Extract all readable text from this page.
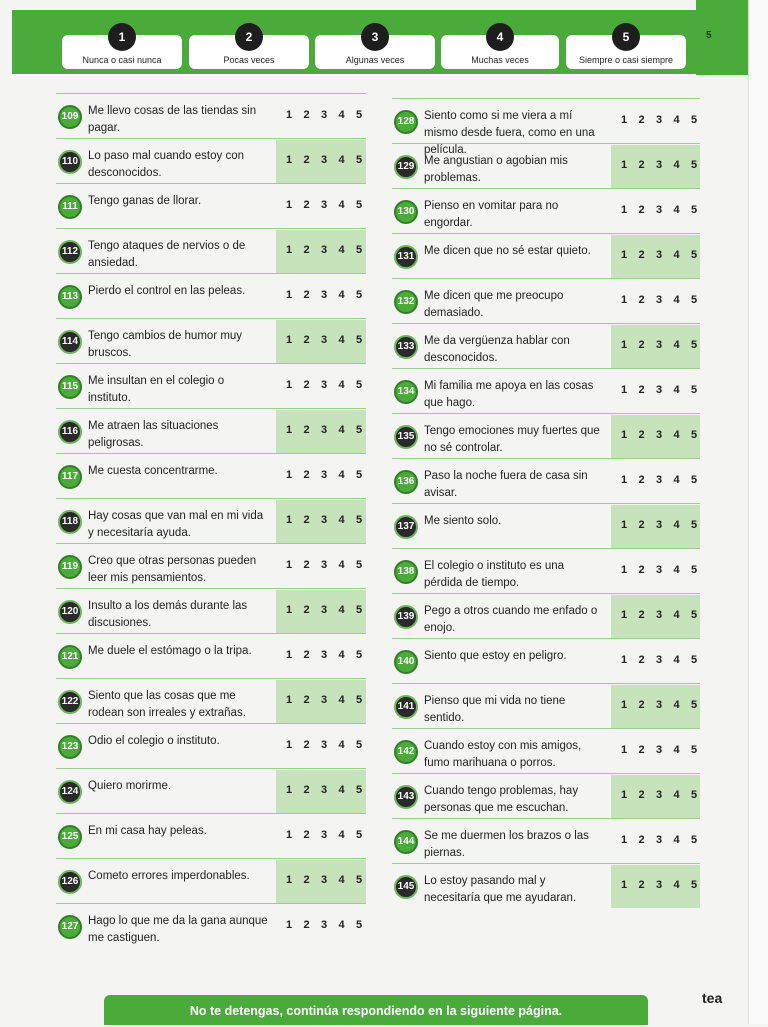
5
1
Nunca o casi nunca
2
Pocas veces
3
Algunas veces
4
Muchas veces
5
Siempre o casi siempre
109 Me llevo cosas de las tiendas sin pagar.
1 2 3 4 5
110 Lo paso mal cuando estoy con desconocidos.
1 2 3 4 5
111 Tengo ganas de llorar.	1 2 3 4 5
112 Tengo ataques de nervios o de ansiedad.
1 2 3 4 5
113 Pierdo el control en las peleas.	1 2 3 4 5
114 Tengo cambios de humor muy bruscos.
1 2 3 4 5
115 Me insultan en el colegio o instituto.
1 2 3 4 5
116 Me atraen las situaciones peligrosas.
1 2 3 4 5
117 Me cuesta concentrarme.	1 2 3 4 5
118 Hay cosas que van mal en mi vida y necesitaría ayuda.
1 2 3 4 5
119 Creo que otras personas pueden leer mis pensamientos.
1 2 3 4 5
120 Insulto a los demás durante las discusiones.
1 2 3 4 5
121 Me duele el estómago o la tripa.	1 2 3 4 5
122 Siento que las cosas que me rodean son irreales y extrañas.
1 2 3 4 5
123 Odio el colegio o instituto.	1 2 3 4 5
124 Quiero morirme.	1 2 3 4 5
125 En mi casa hay peleas.	1 2 3 4 5
126 Cometo errores imperdonables.	1 2 3 4 5
127 Hago lo que me da la gana aunque me castiguen.
1 2 3 4 5
128 Siento como si me viera a mí mismo desde fuera, como en una película.
1 2 3 4 5
129 Me angustian o agobian mis problemas.
1 2 3 4 5
130 Pienso en vomitar para no engordar.
1 2 3 4 5
131 Me dicen que no sé estar quieto.	1 2 3 4 5
132 Me dicen que me preocupo demasiado.
1 2 3 4 5
133 Me da vergüenza hablar con desconocidos.
1 2 3 4 5
134 Mi familia me apoya en las cosas que hago.
1 2 3 4 5
135 Tengo emociones muy fuertes que no sé controlar.
1 2 3 4 5
136 Paso la noche fuera de casa sin avisar.
1 2 3 4 5
137 Me siento solo.	1 2 3 4 5
138 El colegio o instituto es una pérdida de tiempo.
1 2 3 4 5
139 Pego a otros cuando me enfado o enojo.
1 2 3 4 5
140 Siento que estoy en peligro.	1 2 3 4 5
141 Pienso que mi vida no tiene sentido.
1 2 3 4 5
142 Cuando estoy con mis amigos, fumo marihuana o porros.
1 2 3 4 5
143 Cuando tengo problemas, hay personas que me escuchan.
1 2 3 4 5
144 Se me duermen los brazos o las piernas.
1 2 3 4 5
145 Lo estoy pasando mal y necesitaría que me ayudaran.
1 2 3 4 5
No te detengas, continúa respondiendo en la siguiente página.
tea
